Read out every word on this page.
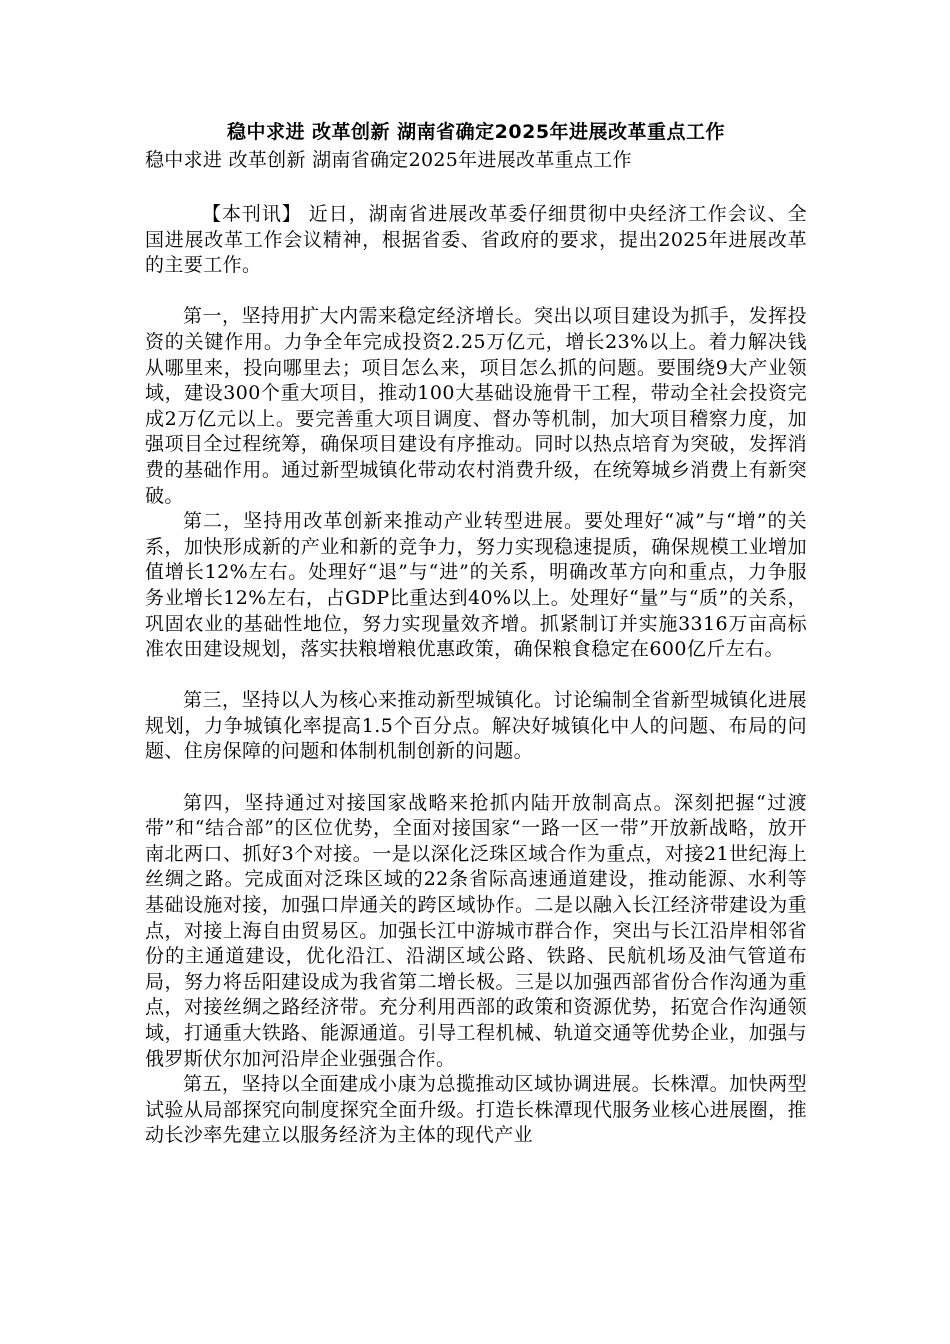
稳中求进 改革创新 湖南省确定2025年进展改革重点工作

稳中求进 改革创新 湖南省确定2025年进展改革重点工作

【本刊讯】 近日，湖南省进展改革委仔细贯彻中央经济工作会议、全国进展改革工作会议精神，根据省委、省政府的要求，提出2025年进展改革的主要工作。

第一，坚持用扩大内需来稳定经济增长。突出以项目建设为抓手，发挥投资的关键作用。力争全年完成投资2.25万亿元，增长23%以上。着力解决钱从哪里来，投向哪里去；项目怎么来，项目怎么抓的问题。要围绕9大产业领域，建设300个重大项目，推动100大基础设施骨干工程，带动全社会投资完成2万亿元以上。要完善重大项目调度、督办等机制，加大项目稽察力度，加强项目全过程统筹，确保项目建设有序推动。同时以热点培育为突破，发挥消费的基础作用。通过新型城镇化带动农村消费升级，在统筹城乡消费上有新突破。

第二，坚持用改革创新来推动产业转型进展。要处理好“减”与“增”的关系，加快形成新的产业和新的竞争力，努力实现稳速提质，确保规模工业增加值增长12%左右。处理好“退”与“进”的关系，明确改革方向和重点，力争服务业增长12%左右，占GDP比重达到40%以上。处理好“量”与“质”的关系，巩固农业的基础性地位，努力实现量效齐增。抓紧制订并实施3316万亩高标准农田建设规划，落实扶粮增粮优惠政策，确保粮食稳定在600亿斤左右。

第三，坚持以人为核心来推动新型城镇化。讨论编制全省新型城镇化进展规划，力争城镇化率提高1.5个百分点。解决好城镇化中人的问题、布局的问题、住房保障的问题和体制机制创新的问题。

第四，坚持通过对接国家战略来抢抓内陆开放制高点。深刻把握“过渡带”和“结合部”的区位优势，全面对接国家“一路一区一带”开放新战略，放开南北两口、抓好3个对接。一是以深化泛珠区域合作为重点，对接21世纪海上丝绸之路。完成面对泛珠区域的22条省际高速通道建设，推动能源、水利等基础设施对接，加强口岸通关的跨区域协作。二是以融入长江经济带建设为重点，对接上海自由贸易区。加强长江中游城市群合作，突出与长江沿岸相邻省份的主通道建设，优化沿江、沿湖区域公路、铁路、民航机场及油气管道布局，努力将岳阳建设成为我省第二增长极。三是以加强西部省份合作沟通为重点，对接丝绸之路经济带。充分利用西部的政策和资源优势，拓宽合作沟通领域，打通重大铁路、能源通道。引导工程机械、轨道交通等优势企业，加强与俄罗斯伏尔加河沿岸企业强强合作。

第五，坚持以全面建成小康为总揽推动区域协调进展。长株潭。加快两型试验从局部探究向制度探究全面升级。打造长株潭现代服务业核心进展圈，推动长沙率先建立以服务经济为主体的现代产业
